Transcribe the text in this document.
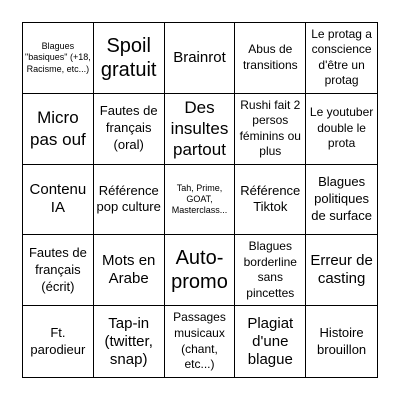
Blagues "basiques" (+18, Racisme, etc...)
Spoil gratuit
Brainrot	Abus de transitions
Le protag a conscience d'être un protag
Micro pas ouf
Fautes de français (oral)
Des insultes partout
Rushi fait 2 persos féminins ou plus
Le youtuber double le prota
Contenu IA
Référence pop culture
Tah, Prime, GOAT, Masterclass...
Référence Tiktok
Blagues politiques de surface
Fautes de français (écrit)
Mots en Arabe
Auto-promo
Blagues borderline sans pincettes
Erreur de casting
Ft. parodieur
Tap-in (twitter, snap)
Passages musicaux (chant, etc...)
Plagiat d'une blague
Histoire brouillon
